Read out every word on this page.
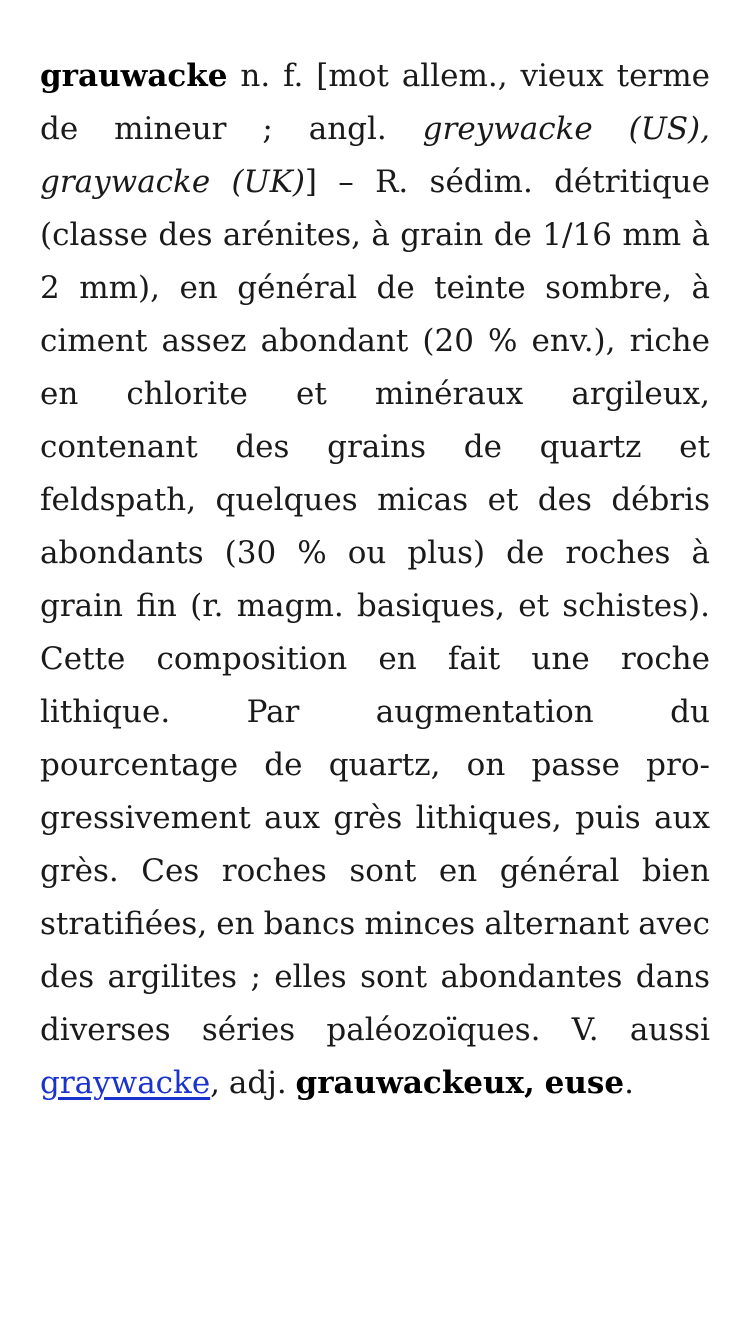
grauwacke n. f. [mot allem., vieux terme de mineur ; angl. greywacke (US), graywacke (UK)] – R. sédim. détritique (classe des arénites, à grain de 1/16 mm à 2 mm), en général de teinte sombre, à ciment assez abondant (20 % env.), riche en chlorite et minéraux argileux, contenant des grains de quartz et feldspath, quelques micas et des débris abondants (30 % ou plus) de roches à grain fin (r. magm. basiques, et schistes). Cette composition en fait une roche lithique. Par augmentation du pourcentage de quartz, on passe progressivement aux grès lithiques, puis aux grès. Ces roches sont en général bien stratifiées, en bancs minces alternant avec des argilites ; elles sont abondantes dans diverses séries paléozoïques. V. aussi graywacke, adj. grauwackeux, euse.
